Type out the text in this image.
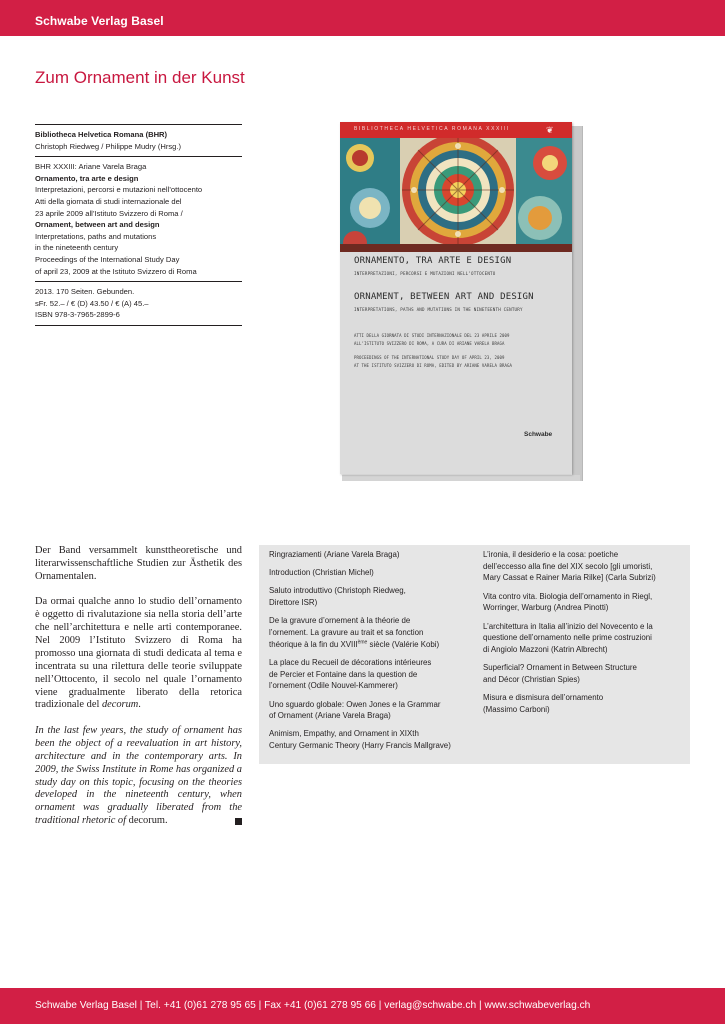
Schwabe Verlag Basel
Zum Ornament in der Kunst
Bibliotheca Helvetica Romana (BHR)
Christoph Riedweg / Philippe Mudry (Hrsg.)
BHR XXXIII: Ariane Varela Braga
Ornamento, tra arte e design
Interpretazioni, percorsi e mutazioni nell’ottocento
Atti della giornata di studi internazionale del
23 aprile 2009 all’Istituto Svizzero di Roma /
Ornament, between art and design
Interpretations, paths and mutations
in the nineteenth century
Proceedings of the International Study Day
of april 23, 2009 at the Istituto Svizzero di Roma
2013. 170 Seiten. Gebunden.
sFr. 52.– / € (D) 43.50 / € (A) 45.–
ISBN 978-3-7965-2899-6
BIBLIOTHECA HELVETICA ROMANA XXXIII	❦
ORNAMENTO, TRA ARTE E DESIGN
INTERPRETAZIONI, PERCORSI E MUTAZIONI NELL’OTTOCENTO
ORNAMENT, BETWEEN ART AND DESIGN
INTERPRETATIONS, PATHS AND MUTATIONS IN THE NINETEENTH CENTURY
ATTI DELLA GIORNATA DI STUDI INTERNAZIONALE DEL 23 APRILE 2009
ALL’ISTITUTO SVIZZERO DI ROMA, A CURA DI ARIANE VARELA BRAGA
PROCEEDINGS OF THE INTERNATIONAL STUDY DAY OF APRIL 23, 2009
AT THE ISTITUTO SVIZZERO DI ROMA, EDITED BY ARIANE VARELA BRAGA
Schwabe

Der Band versammelt kunsttheoretische und literarwissenschaftliche Studien zur Ästhetik des Ornamentalen.

Da ormai qualche anno lo studio dell’ornamento è oggetto di rivalutazione sia nella storia dell’arte che nell’architettura e nelle arti contemporanee. Nel 2009 l’Istituto Svizzero di Roma ha promosso una giornata di studi dedicata al tema e incentrata su una rilettura delle teorie sviluppate nell’Ottocento, il secolo nel quale l’ornamento viene gradualmente liberato della retorica tradizionale del decorum.

In the last few years, the study of ornament has been the object of a reevaluation in art history, architecture and in the contemporary arts. In 2009, the Swiss Institute in Rome has organized a study day on this topic, focusing on the theories developed in the nineteenth century, when ornament was gradually liberated from the traditional rhetoric of decorum.

Ringraziamenti (Ariane Varela Braga)
Introduction (Christian Michel)
Saluto introduttivo (Christoph Riedweg,
Direttore ISR)
De la gravure d’ornement à la théorie de
l’ornement. La gravure au trait et sa fonction
théorique à la fin du XVIIIème siècle (Valérie Kobi)
La place du Recueil de décorations intérieures
de Percier et Fontaine dans la question de
l’ornement (Odile Nouvel-Kammerer)
Uno sguardo globale: Owen Jones e la Grammar
of Ornament (Ariane Varela Braga)
Animism, Empathy, and Ornament in XIXth
Century Germanic Theory (Harry Francis Mallgrave)
L’ironia, il desiderio e la cosa: poetiche
dell’eccesso alla fine del XIX secolo [gli umoristi,
Mary Cassat e Rainer Maria Rilke] (Carla Subrizi)
Vita contro vita. Biologia dell’ornamento in Riegl,
Worringer, Warburg (Andrea Pinotti)
L’architettura in Italia all’inizio del Novecento e la
questione dell’ornamento nelle prime costruzioni
di Angiolo Mazzoni (Katrin Albrecht)
Superficial? Ornament in Between Structure
and Décor (Christian Spies)
Misura e dismisura dell’ornamento
(Massimo Carboni)
Schwabe Verlag Basel | Tel. +41 (0)61 278 95 65 | Fax +41 (0)61 278 95 66 | verlag@schwabe.ch | www.schwabeverlag.ch
